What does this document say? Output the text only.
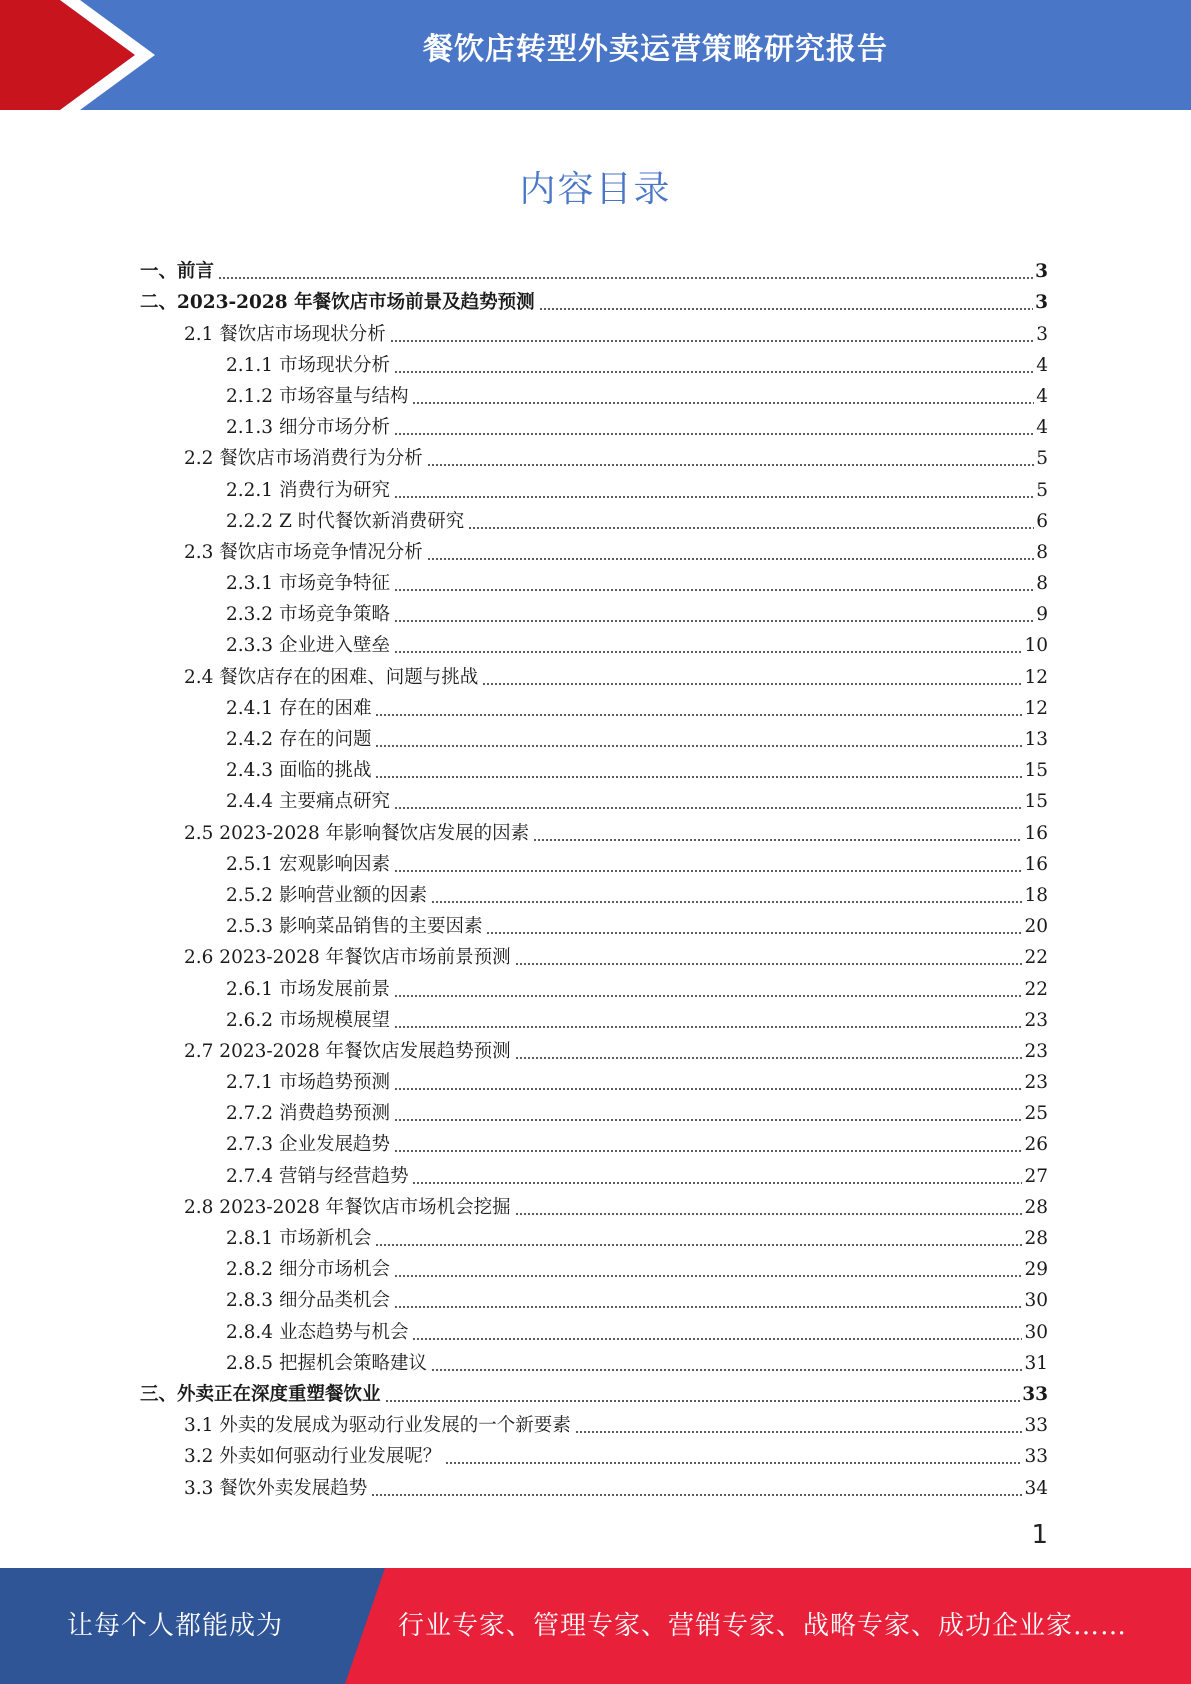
餐饮店转型外卖运营策略研究报告
内容目录
一、前言	3
二、2023-2028 年餐饮店市场前景及趋势预测	3
2.1 餐饮店市场现状分析	3
2.1.1 市场现状分析	4
2.1.2 市场容量与结构	4
2.1.3 细分市场分析	4
2.2 餐饮店市场消费行为分析	5
2.2.1 消费行为研究	5
2.2.2 Z 时代餐饮新消费研究	6
2.3 餐饮店市场竞争情况分析	8
2.3.1 市场竞争特征	8
2.3.2 市场竞争策略	9
2.3.3 企业进入壁垒	10
2.4 餐饮店存在的困难、问题与挑战	12
2.4.1 存在的困难	12
2.4.2 存在的问题	13
2.4.3 面临的挑战	15
2.4.4 主要痛点研究	15
2.5 2023-2028 年影响餐饮店发展的因素	16
2.5.1 宏观影响因素	16
2.5.2 影响营业额的因素	18
2.5.3 影响菜品销售的主要因素	20
2.6 2023-2028 年餐饮店市场前景预测	22
2.6.1 市场发展前景	22
2.6.2 市场规模展望	23
2.7 2023-2028 年餐饮店发展趋势预测	23
2.7.1 市场趋势预测	23
2.7.2 消费趋势预测	25
2.7.3 企业发展趋势	26
2.7.4 营销与经营趋势	27
2.8 2023-2028 年餐饮店市场机会挖掘	28
2.8.1 市场新机会	28
2.8.2 细分市场机会	29
2.8.3 细分品类机会	30
2.8.4 业态趋势与机会	30
2.8.5 把握机会策略建议	31
三、外卖正在深度重塑餐饮业	33
3.1 外卖的发展成为驱动行业发展的一个新要素	33
3.2 外卖如何驱动行业发展呢？	33
3.3 餐饮外卖发展趋势	34
1
让每个人都能成为	行业专家、管理专家、营销专家、战略专家、成功企业家……
